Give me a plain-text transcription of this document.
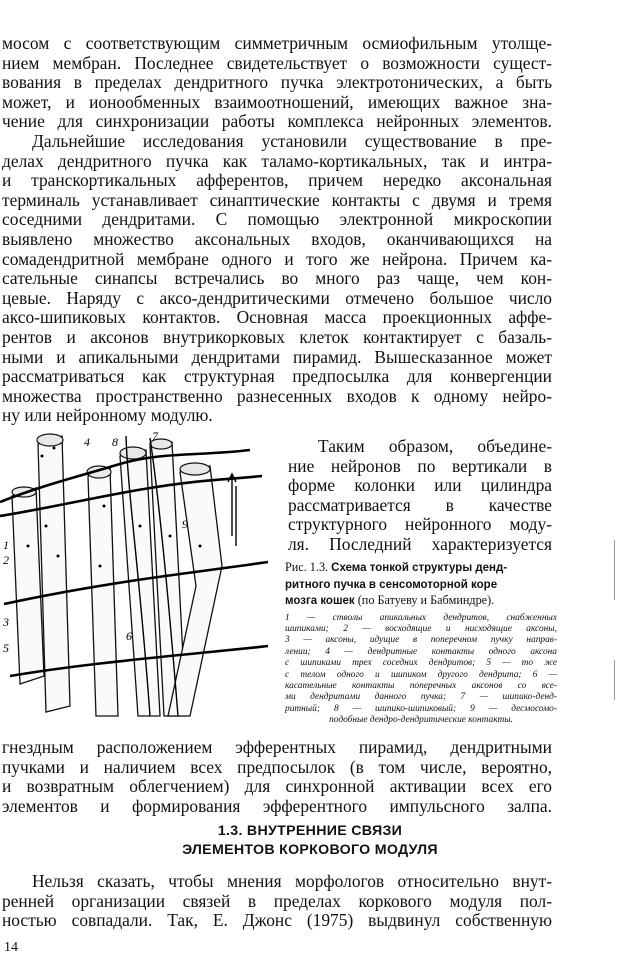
мосом с соответствующим симметричным осмиофильным утолще-
нием мембран. Последнее свидетельствует о возможности сущест-
вования в пределах дендритного пучка электротонических, а быть
может, и ионообменных взаимоотношений, имеющих важное зна-
чение для синхронизации работы комплекса нейронных элементов.
Дальнейшие исследования установили существование в пре-
делах дендритного пучка как таламо-кортикальных, так и интра-
и транскортикальных афферентов, причем нередко аксональная
терминаль устанавливает синаптические контакты с двумя и тремя
соседними дендритами. С помощью электронной микроскопии
выявлено множество аксональных входов, оканчивающихся на
сомадендритной мембране одного и того же нейрона. Причем ка-
сательные синапсы встречались во много раз чаще, чем кон-
цевые. Наряду с аксо-дендритическими отмечено большое число
аксо-шипиковых контактов. Основная масса проекционных аффе-
рентов и аксонов внутрикорковых клеток контактирует с базаль-
ными и апикальными дендритами пирамид. Вышесказанное может
рассматриваться как структурная предпосылка для конвергенции
множества пространственно разнесенных входов к одному нейро-
ну или нейронному модулю.
1
2
3
4
5
6
7
8
9
Таким образом, объедине-
ние нейронов по вертикали в
форме колонки или цилиндра
рассматривается в качестве
структурного нейронного моду-
ля. Последний характеризуется
Рис. 1.3. Схема тонкой структуры денд-
ритного пучка в сенсомоторной коре
мозга кошек (по Батуеву и Бабминдре).
1 — стволы апикальных дендритов, снабженных
шипиками; 2 — восходящие и нисходящие аксоны,
3 — аксоны, идущие в поперечном пучку направ-
лении; 4 — дендритные контакты одного аксона
с шипиками трех соседних дендритов; 5 — то же
с телом одного и шипиком другого дендрита; 6 —
касательные контакты поперечных аксонов со все-
ми дендритами данного пучка; 7 — шипико-денд-
ритный; 8 — шипико-шипиковый; 9 — десмосомо-
подобные дендро-дендритические контакты.
гнездным расположением эфферентных пирамид, дендритными
пучками и наличием всех предпосылок (в том числе, вероятно,
и возвратным облегчением) для синхронной активации всех его
элементов и формирования эфферентного импульсного залпа.
1.3. ВНУТРЕННИЕ СВЯЗИ
ЭЛЕМЕНТОВ КОРКОВОГО МОДУЛЯ
Нельзя сказать, чтобы мнения морфологов относительно внут-
ренней организации связей в пределах коркового модуля пол-
ностью совпадали. Так, Е. Джонс (1975) выдвинул собственную
14
